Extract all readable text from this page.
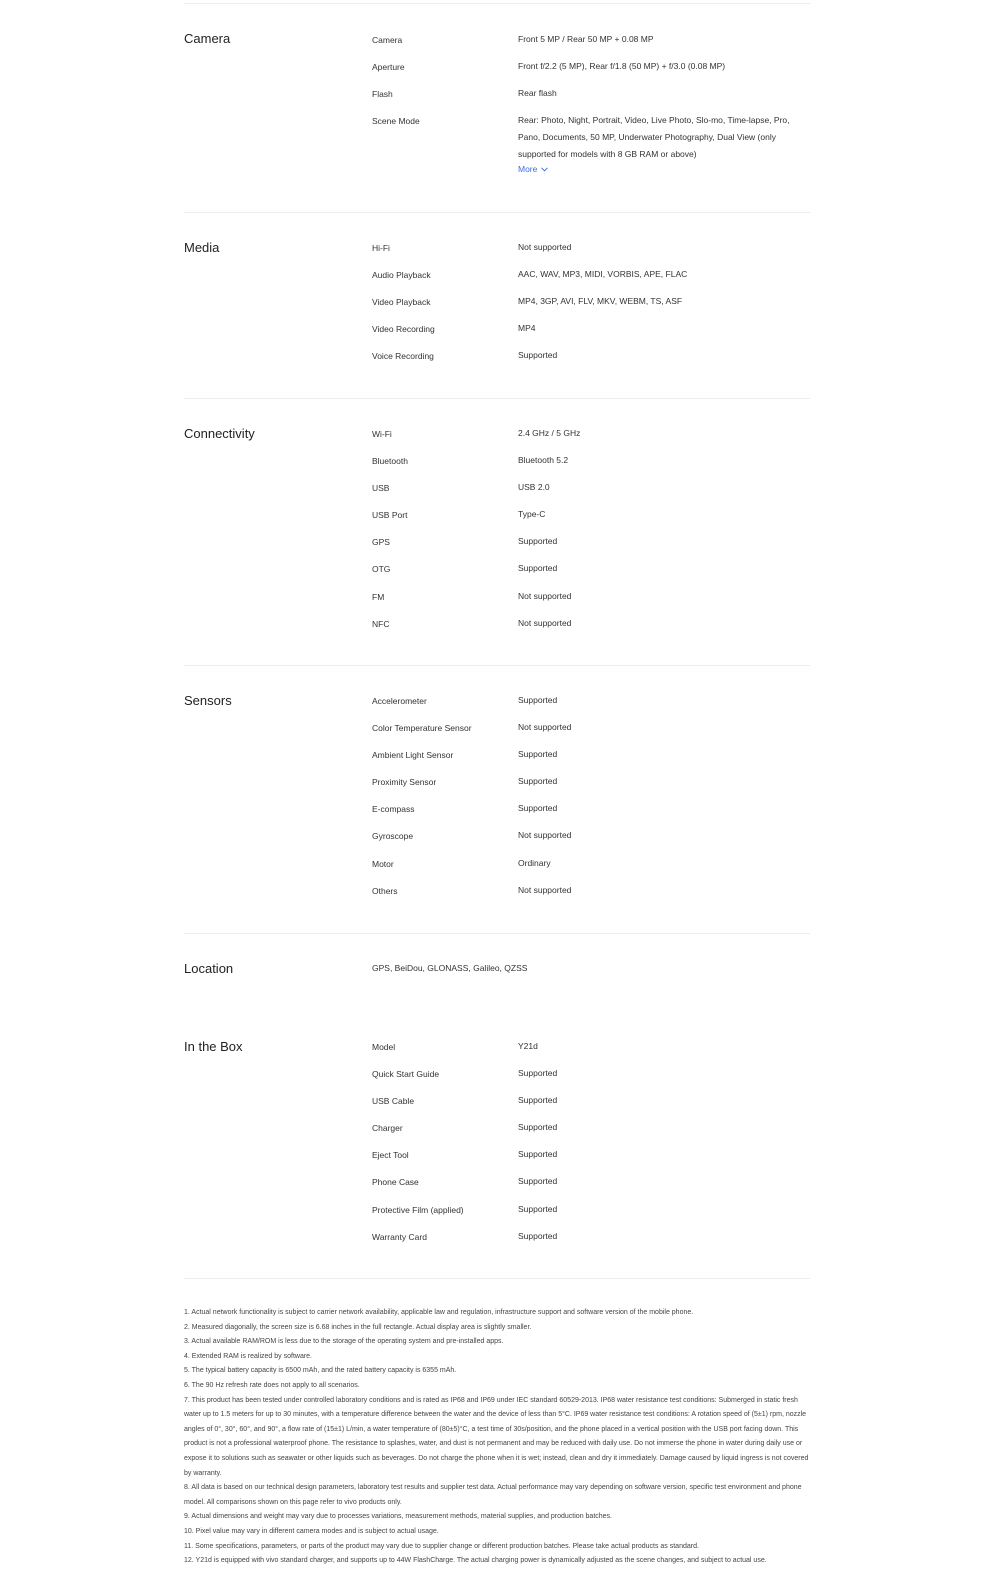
Camera	Camera	Front 5 MP / Rear 50 MP + 0.08 MP
Aperture	Front f/2.2 (5 MP), Rear f/1.8 (50 MP) + f/3.0 (0.08 MP)
Flash	Rear flash
Scene Mode	Rear: Photo, Night, Portrait, Video, Live Photo, Slo-mo, Time-lapse, Pro, Pano, Documents, 50 MP, Underwater Photography, Dual View (only supported for models with 8 GB RAM or above)
More
Media	Hi-Fi	Not supported
Audio Playback	AAC, WAV, MP3, MIDI, VORBIS, APE, FLAC
Video Playback	MP4, 3GP, AVI, FLV, MKV, WEBM, TS, ASF
Video Recording	MP4
Voice Recording	Supported
Connectivity	Wi-Fi	2.4 GHz / 5 GHz
Bluetooth	Bluetooth 5.2
USB	USB 2.0
USB Port	Type-C
GPS	Supported
OTG	Supported
FM	Not supported
NFC	Not supported
Sensors	Accelerometer	Supported
Color Temperature Sensor	Not supported
Ambient Light Sensor	Supported
Proximity Sensor	Supported
E-compass	Supported
Gyroscope	Not supported
Motor	Ordinary
Others	Not supported
Location	GPS, BeiDou, GLONASS, Galileo, QZSS
In the Box	Model	Y21d
Quick Start Guide	Supported
USB Cable	Supported
Charger	Supported
Eject Tool	Supported
Phone Case	Supported
Protective Film (applied)	Supported
Warranty Card	Supported
1. Actual network functionality is subject to carrier network availability, applicable law and regulation, infrastructure support and software version of the mobile phone.
2. Measured diagonally, the screen size is 6.68 inches in the full rectangle. Actual display area is slightly smaller.
3. Actual available RAM/ROM is less due to the storage of the operating system and pre-installed apps.
4. Extended RAM is realized by software.
5. The typical battery capacity is 6500 mAh, and the rated battery capacity is 6355 mAh.
6. The 90 Hz refresh rate does not apply to all scenarios.
7. This product has been tested under controlled laboratory conditions and is rated as IP68 and IP69 under IEC standard 60529-2013. IP68 water resistance test conditions: Submerged in static fresh water up to 1.5 meters for up to 30 minutes, with a temperature difference between the water and the device of less than 5°C. IP69 water resistance test conditions: A rotation speed of (5±1) rpm, nozzle angles of 0°, 30°, 60°, and 90°, a flow rate of (15±1) L/min, a water temperature of (80±5)°C, a test time of 30s/position, and the phone placed in a vertical position with the USB port facing down. This product is not a professional waterproof phone. The resistance to splashes, water, and dust is not permanent and may be reduced with daily use. Do not immerse the phone in water during daily use or expose it to solutions such as seawater or other liquids such as beverages. Do not charge the phone when it is wet; instead, clean and dry it immediately. Damage caused by liquid ingress is not covered by warranty.
8. All data is based on our technical design parameters, laboratory test results and supplier test data. Actual performance may vary depending on software version, specific test environment and phone model. All comparisons shown on this page refer to vivo products only.
9. Actual dimensions and weight may vary due to processes variations, measurement methods, material supplies, and production batches.
10. Pixel value may vary in different camera modes and is subject to actual usage.
11. Some specifications, parameters, or parts of the product may vary due to supplier change or different production batches. Please take actual products as standard.
12. Y21d is equipped with vivo standard charger, and supports up to 44W FlashCharge. The actual charging power is dynamically adjusted as the scene changes, and subject to actual use.
